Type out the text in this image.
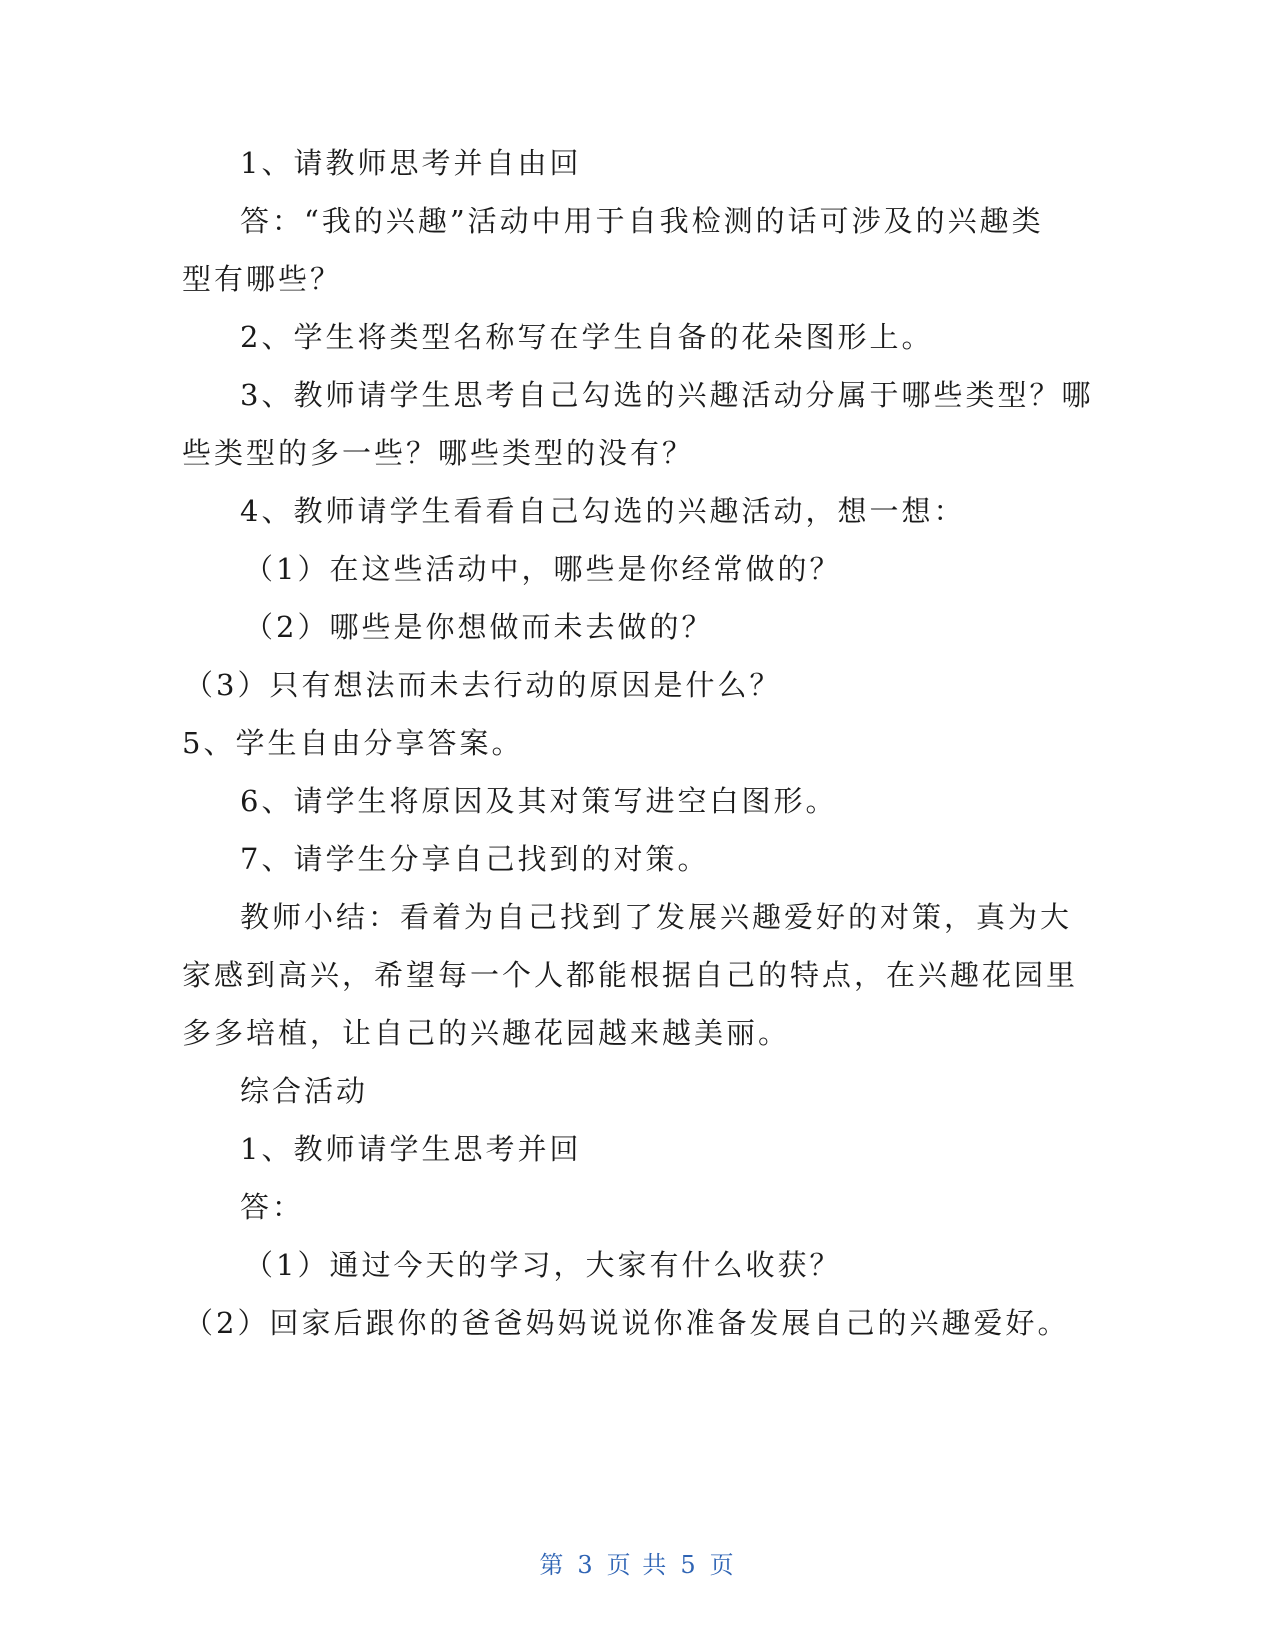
1、请教师思考并自由回
答：“我的兴趣”活动中用于自我检测的话可涉及的兴趣类
型有哪些？
2、学生将类型名称写在学生自备的花朵图形上。
3、教师请学生思考自己勾选的兴趣活动分属于哪些类型？哪
些类型的多一些？哪些类型的没有？
4、教师请学生看看自己勾选的兴趣活动，想一想：
（1）在这些活动中，哪些是你经常做的？
（2）哪些是你想做而未去做的？
（3）只有想法而未去行动的原因是什么？
5、学生自由分享答案。
6、请学生将原因及其对策写进空白图形。
7、请学生分享自己找到的对策。
教师小结：看着为自己找到了发展兴趣爱好的对策，真为大
家感到高兴，希望每一个人都能根据自己的特点，在兴趣花园里
多多培植，让自己的兴趣花园越来越美丽。
综合活动
1、教师请学生思考并回
答：
（1）通过今天的学习，大家有什么收获？
（2）回家后跟你的爸爸妈妈说说你准备发展自己的兴趣爱好。
第 3 页 共 5 页
